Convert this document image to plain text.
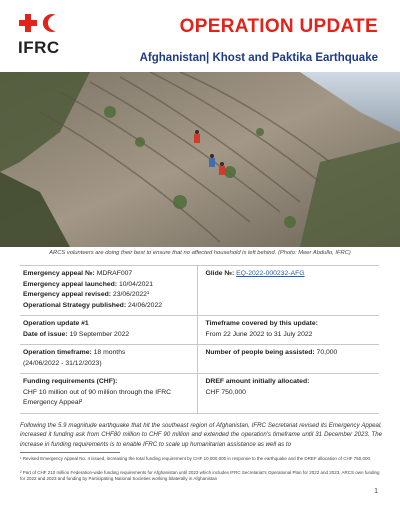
IFRC
OPERATION UPDATE
Afghanistan| Khost and Paktika Earthquake
ARCS volunteers are doing their best to ensure that no affected household is left behind. (Photo: Meer Abdullo, IFRC)
Emergency appeal №: MDRAF007
Emergency appeal launched: 10/04/2021
Emergency appeal revised: 23/06/2022¹
Operational Strategy published: 24/06/2022
Glide №: EQ-2022-000232-AFG
Operation update #1
Date of issue: 19 September 2022
Timeframe covered by this update:
From 22 June 2022 to 31 July 2022
Operation timeframe: 18 months
(24/06/2022 - 31/12/2023)
Number of people being assisted: 70,000
Funding requirements (CHF):
CHF 10 million out of 90 million through the IFRC Emergency Appeal²
DREF amount initially allocated:
CHF 750,000
Following the 5.9 magnitude earthquake that hit the southeast region of Afghanistan, IFRC Secretariat revised its Emergency Appeal, increased it funding ask from CHF80 million to CHF 90 million and extended the operation's timeframe until 31 December 2023. The increase in funding requirements is to enable IFRC to scale up humanitarian assistance as well as to
¹ Revised Emergency Appeal No. 4 issued, increasing the total funding requirement by CHF 10,000,000 in response to the earthquake and the DREF allocation of CHF 750,000.
² Part of CHF 210 million Federation-wide funding requirements for Afghanistan until 2023 which includes IFRC Secretariat's Operational Plan for 2022 and 2023, ARCS own funding for 2022 and 2023 and funding by Participating National Societies working bilaterally in Afghanistan
1
